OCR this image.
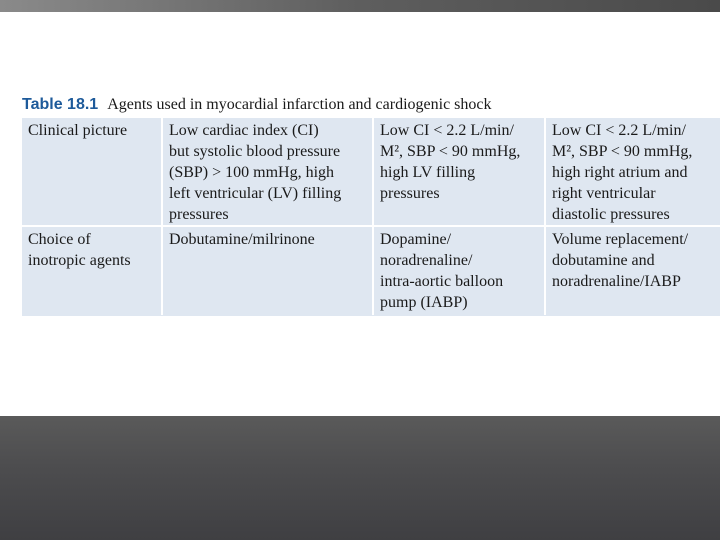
Table 18.1 Agents used in myocardial infarction and cardiogenic shock
Clinical picture	Low cardiac index (CI)
but systolic blood pressure
(SBP) > 100 mmHg, high
left ventricular (LV) filling
pressures	Low CI < 2.2 L/min/
M², SBP < 90 mmHg,
high LV filling
pressures	Low CI < 2.2 L/min/
M², SBP < 90 mmHg,
high right atrium and
right ventricular
diastolic pressures
Choice of
inotropic agents	Dobutamine/milrinone	Dopamine/
noradrenaline/
intra-aortic balloon
pump (IABP)	Volume replacement/
dobutamine and
noradrenaline/IABP
